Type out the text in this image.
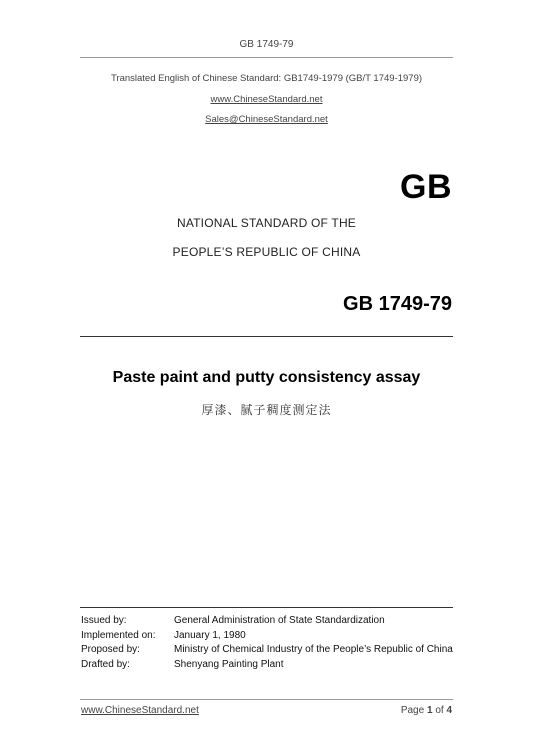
GB 1749-79
Translated English of Chinese Standard: GB1749-1979 (GB/T 1749-1979)
www.ChineseStandard.net
Sales@ChineseStandard.net
GB
NATIONAL STANDARD OF THE
PEOPLE’S REPUBLIC OF CHINA
GB 1749-79
Paste paint and putty consistency assay
厚漆、腻子稠度测定法
Issued by:	General Administration of State Standardization
Implemented on:	January 1, 1980
Proposed by:	Ministry of Chemical Industry of the People’s Republic of China
Drafted by:	Shenyang Painting Plant
www.ChineseStandard.net	Page 1 of 4
